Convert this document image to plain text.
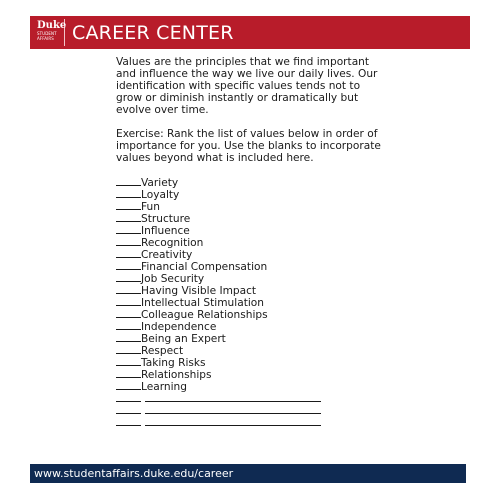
Duke
STUDENT
AFFAIRS CAREER CENTER

Values are the principles that we find important and influence the way we live our daily lives. Our identification with specific values tends not to grow or diminish instantly or dramatically but evolve over time.

Exercise: Rank the list of values below in order of importance for you. Use the blanks to incorporate values beyond what is included here.

Variety
Loyalty
Fun
Structure
Influence
Recognition
Creativity
Financial Compensation
Job Security
Having Visible Impact
Intellectual Stimulation
Colleague Relationships
Independence
Being an Expert
Respect
Taking Risks
Relationships
Learning
www.studentaffairs.duke.edu/career
